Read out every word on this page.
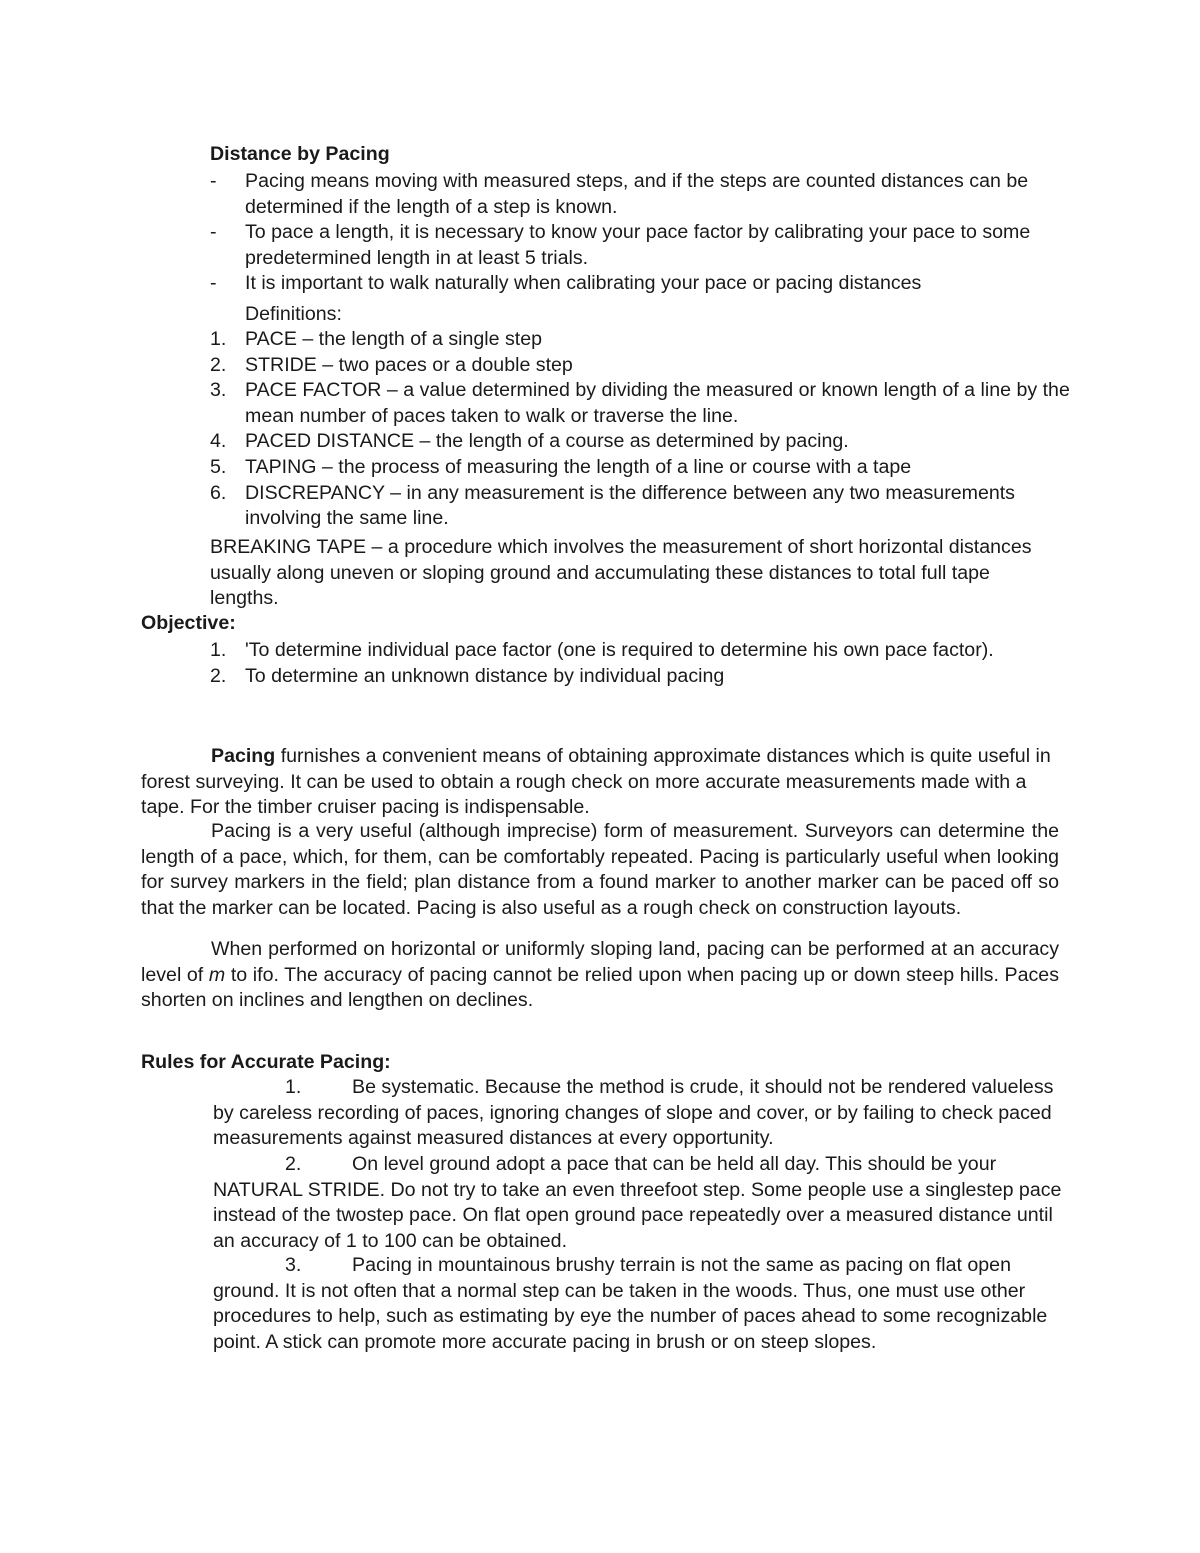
Distance by Pacing
- Pacing means moving with measured steps, and if the steps are counted distances can be determined if the length of a step is known.
- To pace a length, it is necessary to know your pace factor by calibrating your pace to some predetermined length in at least 5 trials.
- It is important to walk naturally when calibrating your pace or pacing distances
Definitions:
1. PACE – the length of a single step
2. STRIDE – two paces or a double step
3. PACE FACTOR – a value determined by dividing the measured or known length of a line by the mean number of paces taken to walk or traverse the line.
4. PACED DISTANCE – the length of a course as determined by pacing.
5. TAPING – the process of measuring the length of a line or course with a tape
6. DISCREPANCY – in any measurement is the difference between any two measurements involving the same line.
BREAKING TAPE – a procedure which involves the measurement of short horizontal distances usually along uneven or sloping ground and accumulating these distances to total full tape lengths.
Objective:
1. 'To determine individual pace factor (one is required to determine his own pace factor).
2. To determine an unknown distance by individual pacing
Pacing furnishes a convenient means of obtaining approximate distances which is quite useful in forest surveying. It can be used to obtain a rough check on more accurate measurements made with a tape. For the timber cruiser pacing is indispensable.
Pacing is a very useful (although imprecise) form of measurement. Surveyors can determine the length of a pace, which, for them, can be comfortably repeated. Pacing is particularly useful when looking for survey markers in the field; plan distance from a found marker to another marker can be paced off so that the marker can be located. Pacing is also useful as a rough check on construction layouts.
When performed on horizontal or uniformly sloping land, pacing can be performed at an accuracy level of m to ifo. The accuracy of pacing cannot be relied upon when pacing up or down steep hills. Paces shorten on inclines and lengthen on declines.
Rules for Accurate Pacing:
1.	Be systematic. Because the method is crude, it should not be rendered valueless by careless recording of paces, ignoring changes of slope and cover, or by failing to check paced measurements against measured distances at every opportunity.
2.	On level ground adopt a pace that can be held all day. This should be your NATURAL STRIDE. Do not try to take an even threefoot step. Some people use a singlestep pace instead of the twostep pace. On flat open ground pace repeatedly over a measured distance until an accuracy of 1 to 100 can be obtained.
3.	Pacing in mountainous brushy terrain is not the same as pacing on flat open ground. It is not often that a normal step can be taken in the woods. Thus, one must use other procedures to help, such as estimating by eye the number of paces ahead to some recognizable point. A stick can promote more accurate pacing in brush or on steep slopes.
